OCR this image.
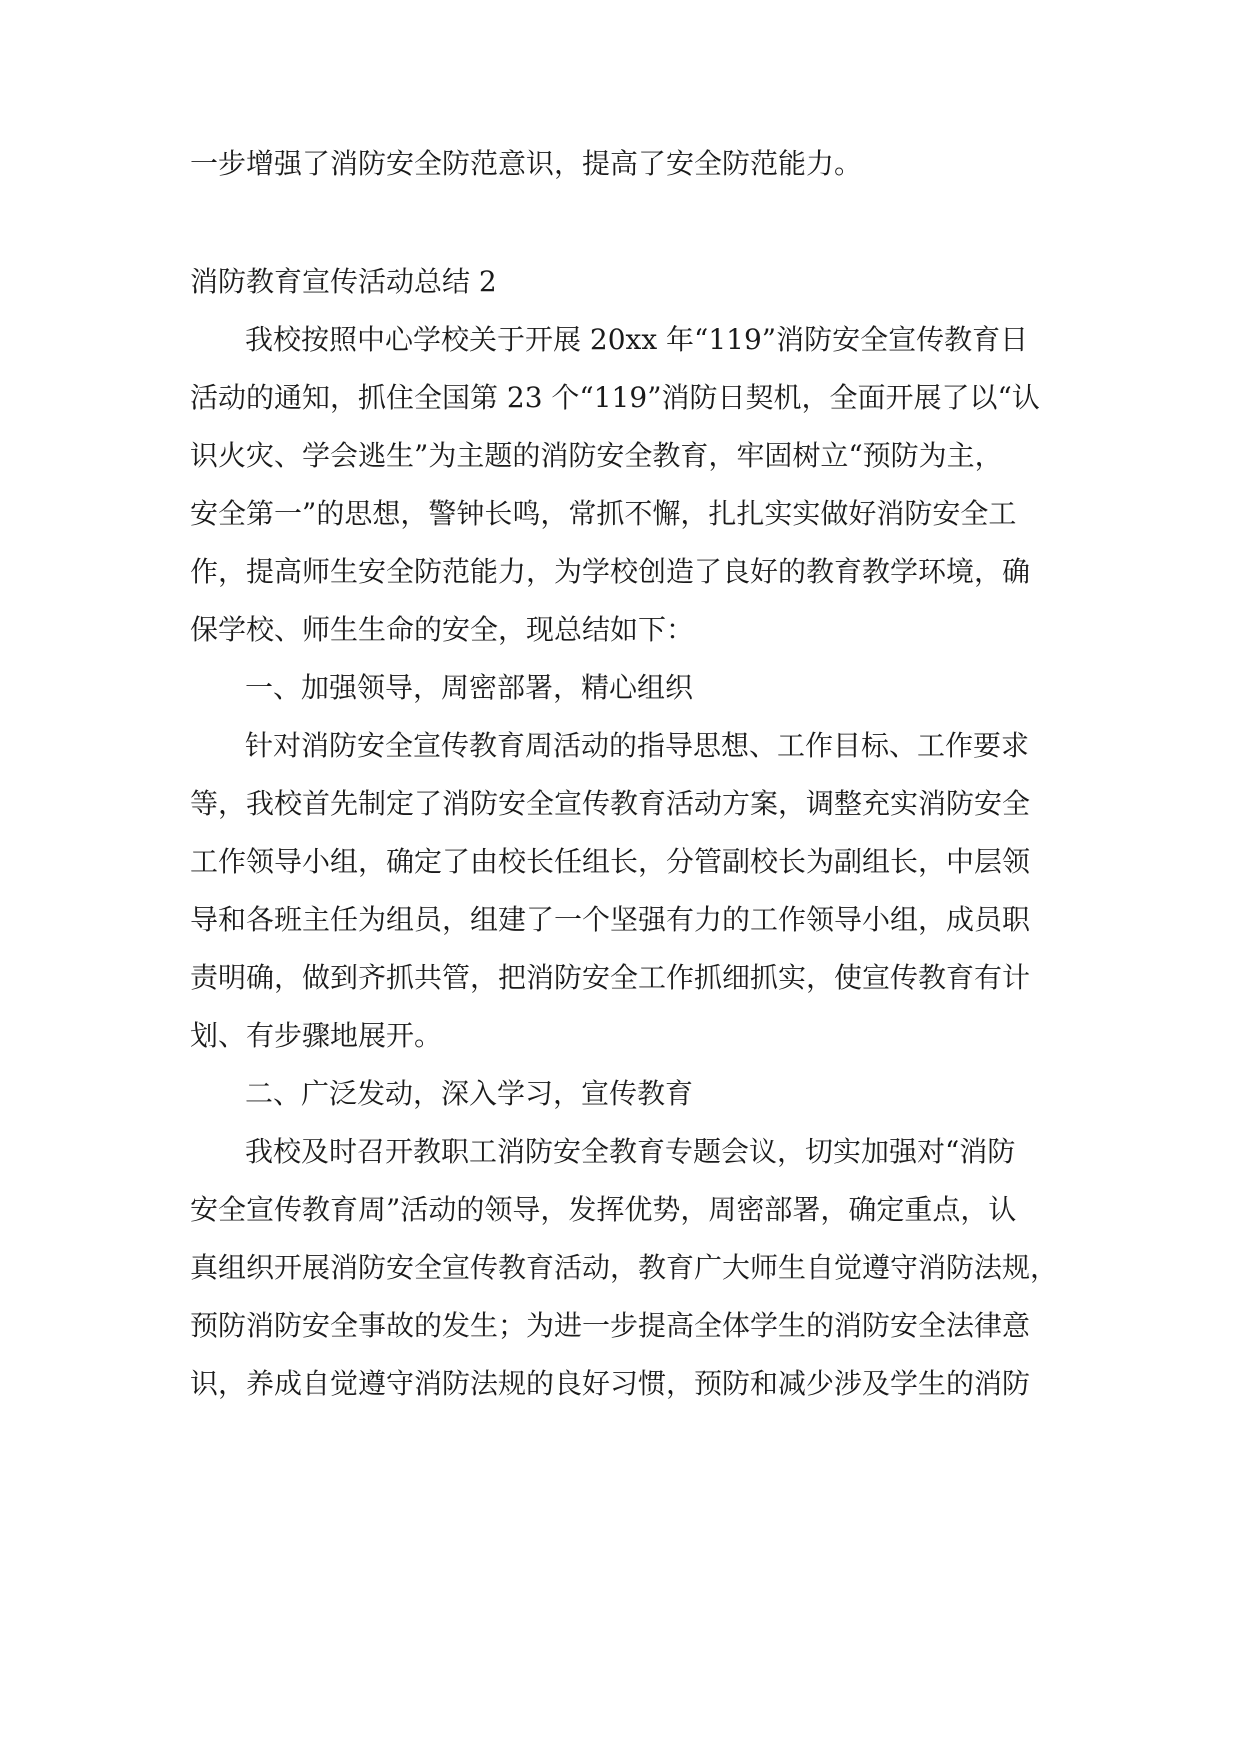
一步增强了消防安全防范意识，提高了安全防范能力。
消防教育宣传活动总结 2
我校按照中心学校关于开展 20xx 年“119”消防安全宣传教育日
活动的通知，抓住全国第 23 个“119”消防日契机，全面开展了以“认
识火灾、学会逃生”为主题的消防安全教育，牢固树立“预防为主，
安全第一”的思想，警钟长鸣，常抓不懈，扎扎实实做好消防安全工
作，提高师生安全防范能力，为学校创造了良好的教育教学环境，确
保学校、师生生命的安全，现总结如下：
一、加强领导，周密部署，精心组织
针对消防安全宣传教育周活动的指导思想、工作目标、工作要求
等，我校首先制定了消防安全宣传教育活动方案，调整充实消防安全
工作领导小组，确定了由校长任组长，分管副校长为副组长，中层领
导和各班主任为组员，组建了一个坚强有力的工作领导小组，成员职
责明确，做到齐抓共管，把消防安全工作抓细抓实，使宣传教育有计
划、有步骤地展开。
二、广泛发动，深入学习，宣传教育
我校及时召开教职工消防安全教育专题会议，切实加强对“消防
安全宣传教育周”活动的领导，发挥优势，周密部署，确定重点，认
真组织开展消防安全宣传教育活动，教育广大师生自觉遵守消防法规，
预防消防安全事故的发生；为进一步提高全体学生的消防安全法律意
识，养成自觉遵守消防法规的良好习惯，预防和减少涉及学生的消防
